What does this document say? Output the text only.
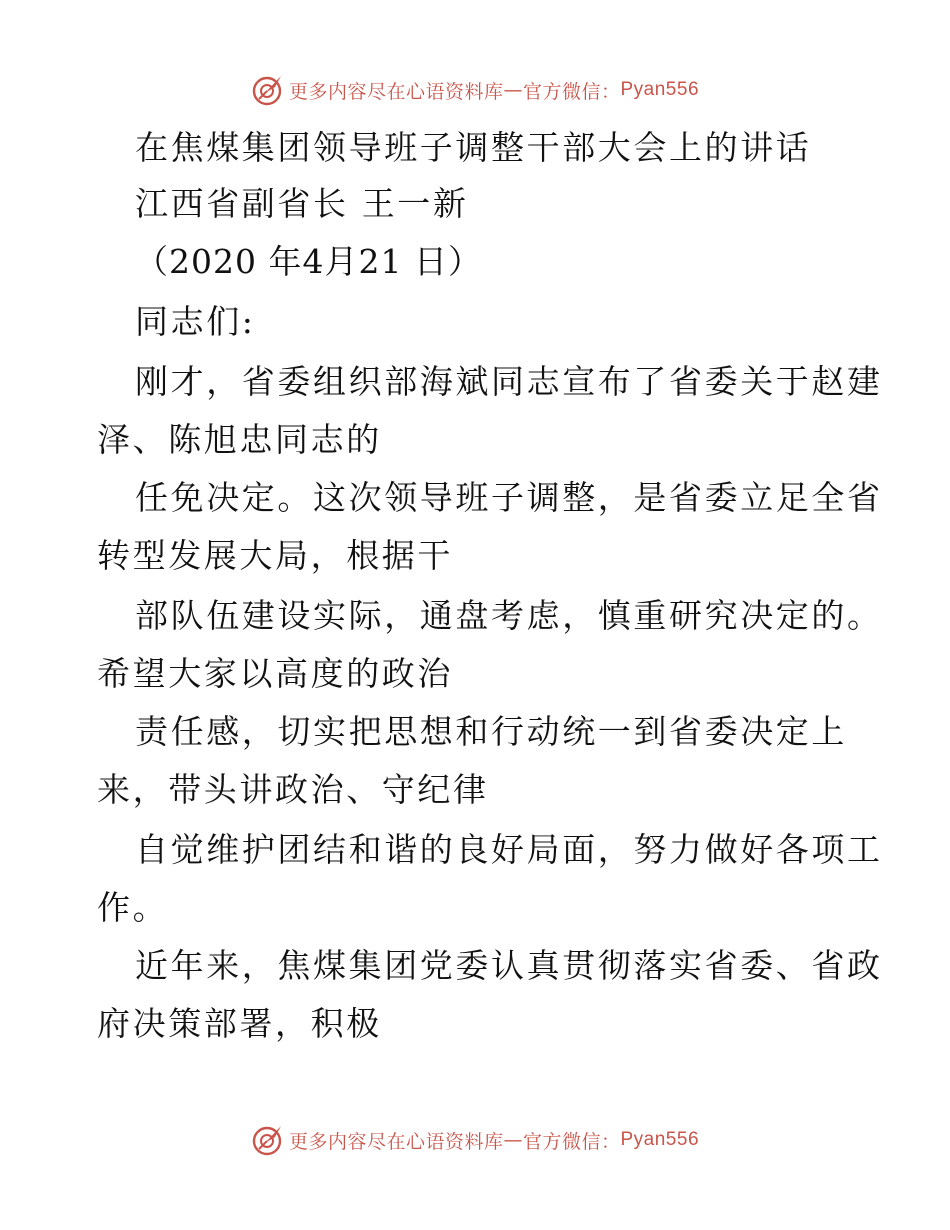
更多内容尽在心语资料库 — 官方微信： Pyan556
在焦煤集团领导班子调整干部大会上的讲话
江西省副省长 王一新
（2020 年4月21 日）
同志们:
刚才，省委组织部海斌同志宣布了省委关于赵建
泽、陈旭忠同志的
任免决定。这次领导班子调整，是省委立足全省
转型发展大局，根据干
部队伍建设实际，通盘考虑，慎重研究决定的。
希望大家以高度的政治
责任感，切实把思想和行动统一到省委决定上
来，带头讲政治、守纪律
自觉维护团结和谐的良好局面，努力做好各项工
作。
近年来，焦煤集团党委认真贯彻落实省委、省政
府决策部署，积极
更多内容尽在心语资料库 — 官方微信： Pyan556
